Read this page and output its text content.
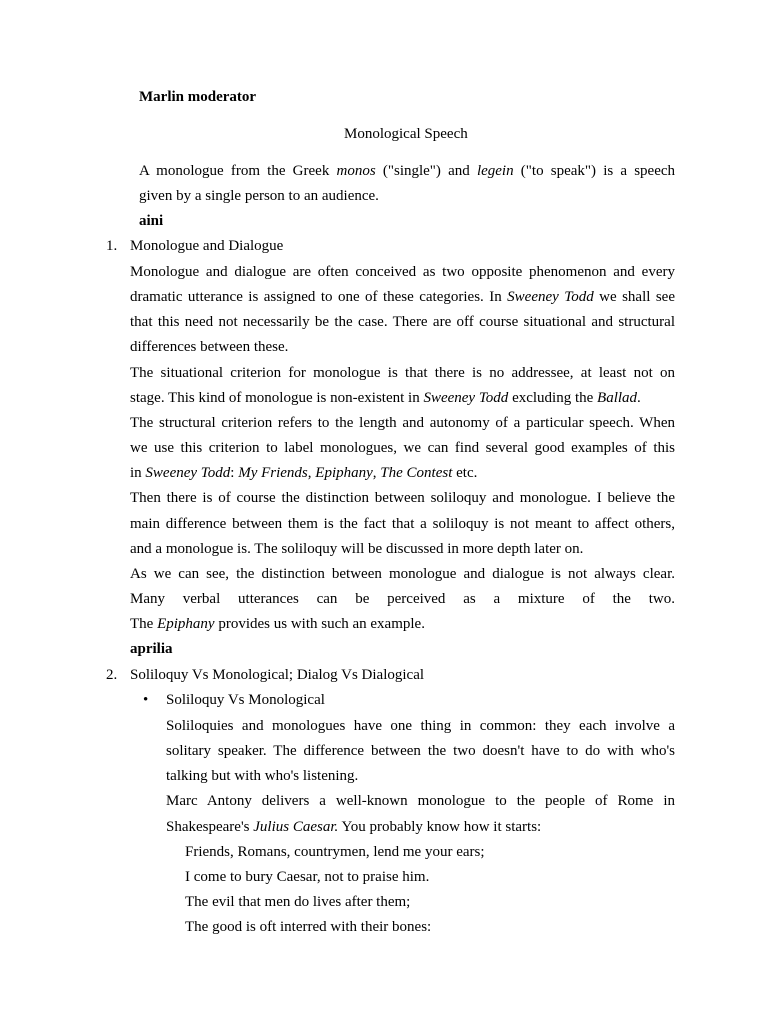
Marlin moderator
Monological Speech
A monologue from the Greek monos ("single") and legein ("to speak") is a speech
given by a single person to an audience.
aini
1. Monologue and Dialogue
Monologue and dialogue are often conceived as two opposite phenomenon and every
dramatic utterance is assigned to one of these categories. In Sweeney Todd we shall see
that this need not necessarily be the case. There are off course situational and structural
differences between these.
The situational criterion for monologue is that there is no addressee, at least not on
stage. This kind of monologue is non-existent in Sweeney Todd excluding the Ballad.
The structural criterion refers to the length and autonomy of a particular speech. When
we use this criterion to label monologues, we can find several good examples of this
in Sweeney Todd: My Friends, Epiphany, The Contest etc.
Then there is of course the distinction between soliloquy and monologue. I believe the
main difference between them is the fact that a soliloquy is not meant to affect others,
and a monologue is. The soliloquy will be discussed in more depth later on.
As we can see, the distinction between monologue and dialogue is not always clear.
Many verbal utterances can be perceived as a mixture of the two.
The Epiphany provides us with such an example.
aprilia
2. Soliloquy Vs Monological; Dialog Vs Dialogical
• Soliloquy Vs Monological
Soliloquies and monologues have one thing in common: they each involve a
solitary speaker. The difference between the two doesn't have to do with who's
talking but with who's listening.
Marc Antony delivers a well-known monologue to the people of Rome in
Shakespeare's Julius Caesar. You probably know how it starts:
Friends, Romans, countrymen, lend me your ears;
I come to bury Caesar, not to praise him.
The evil that men do lives after them;
The good is oft interred with their bones:
